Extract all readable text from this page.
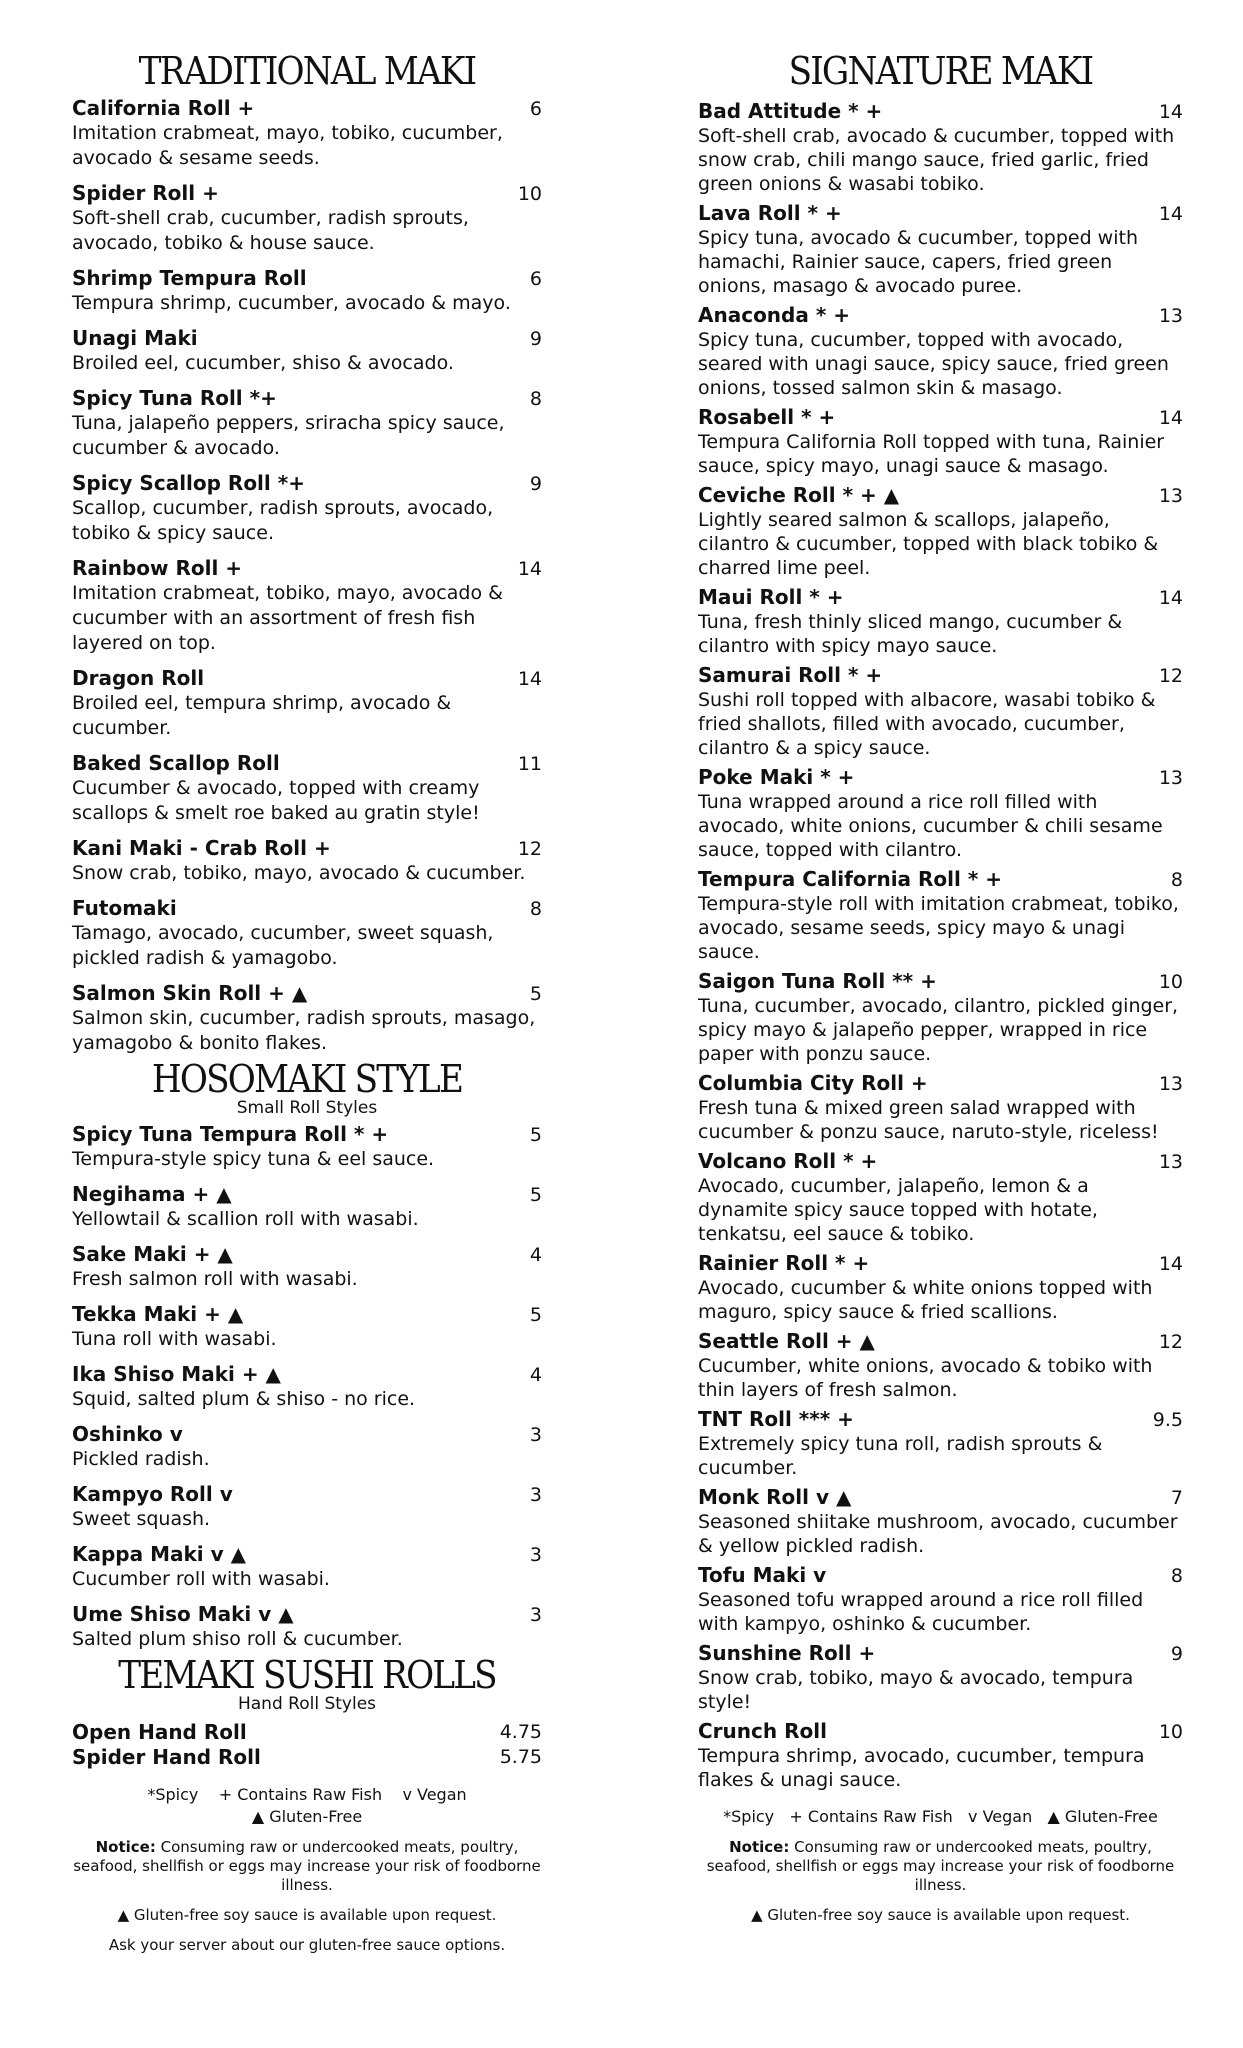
TRADITIONAL MAKI
California Roll +	6
Imitation crabmeat, mayo, tobiko, cucumber, avocado & sesame seeds.
Spider Roll +	10
Soft-shell crab, cucumber, radish sprouts, avocado, tobiko & house sauce.
Shrimp Tempura Roll	6
Tempura shrimp, cucumber, avocado & mayo.
Unagi Maki	9
Broiled eel, cucumber, shiso & avocado.
Spicy Tuna Roll *+	8
Tuna, jalapeño peppers, sriracha spicy sauce, cucumber & avocado.
Spicy Scallop Roll *+	9
Scallop, cucumber, radish sprouts, avocado, tobiko & spicy sauce.
Rainbow Roll +	14
Imitation crabmeat, tobiko, mayo, avocado & cucumber with an assortment of fresh fish layered on top.
Dragon Roll	14
Broiled eel, tempura shrimp, avocado & cucumber.
Baked Scallop Roll	11
Cucumber & avocado, topped with creamy scallops & smelt roe baked au gratin style!
Kani Maki - Crab Roll +	12
Snow crab, tobiko, mayo, avocado & cucumber.
Futomaki	8
Tamago, avocado, cucumber, sweet squash, pickled radish & yamagobo.
Salmon Skin Roll + ▲	5
Salmon skin, cucumber, radish sprouts, masago, yamagobo & bonito flakes.
HOSOMAKI STYLE
Small Roll Styles
Spicy Tuna Tempura Roll * +	5
Tempura-style spicy tuna & eel sauce.
Negihama + ▲	5
Yellowtail & scallion roll with wasabi.
Sake Maki + ▲	4
Fresh salmon roll with wasabi.
Tekka Maki + ▲	5
Tuna roll with wasabi.
Ika Shiso Maki + ▲	4
Squid, salted plum & shiso - no rice.
Oshinko v	3
Pickled radish.
Kampyo Roll v	3
Sweet squash.
Kappa Maki v ▲	3
Cucumber roll with wasabi.
Ume Shiso Maki v ▲	3
Salted plum shiso roll & cucumber.
TEMAKI SUSHI ROLLS
Hand Roll Styles
Open Hand Roll	4.75
Spider Hand Roll	5.75
*Spicy    + Contains Raw Fish    v Vegan
▲ Gluten-Free
Notice: Consuming raw or undercooked meats, poultry, seafood, shellfish or eggs may increase your risk of foodborne illness.
▲ Gluten-free soy sauce is available upon request.
Ask your server about our gluten-free sauce options.
SIGNATURE MAKI
Bad Attitude * +	14
Soft-shell crab, avocado & cucumber, topped with snow crab, chili mango sauce, fried garlic, fried green onions & wasabi tobiko.
Lava Roll * +	14
Spicy tuna, avocado & cucumber, topped with hamachi, Rainier sauce, capers, fried green onions, masago & avocado puree.
Anaconda * +	13
Spicy tuna, cucumber, topped with avocado, seared with unagi sauce, spicy sauce, fried green onions, tossed salmon skin & masago.
Rosabell * +	14
Tempura California Roll topped with tuna, Rainier sauce, spicy mayo, unagi sauce & masago.
Ceviche Roll * + ▲	13
Lightly seared salmon & scallops, jalapeño, cilantro & cucumber, topped with black tobiko & charred lime peel.
Maui Roll * +	14
Tuna, fresh thinly sliced mango, cucumber & cilantro with spicy mayo sauce.
Samurai Roll * +	12
Sushi roll topped with albacore, wasabi tobiko & fried shallots, filled with avocado, cucumber, cilantro & a spicy sauce.
Poke Maki * +	13
Tuna wrapped around a rice roll filled with avocado, white onions, cucumber & chili sesame sauce, topped with cilantro.
Tempura California Roll * +	8
Tempura-style roll with imitation crabmeat, tobiko, avocado, sesame seeds, spicy mayo & unagi sauce.
Saigon Tuna Roll ** +	10
Tuna, cucumber, avocado, cilantro, pickled ginger, spicy mayo & jalapeño pepper, wrapped in rice paper with ponzu sauce.
Columbia City Roll +	13
Fresh tuna & mixed green salad wrapped with cucumber & ponzu sauce, naruto-style, riceless!
Volcano Roll * +	13
Avocado, cucumber, jalapeño, lemon & a dynamite spicy sauce topped with hotate, tenkatsu, eel sauce & tobiko.
Rainier Roll * +	14
Avocado, cucumber & white onions topped with maguro, spicy sauce & fried scallions.
Seattle Roll + ▲	12
Cucumber, white onions, avocado & tobiko with thin layers of fresh salmon.
TNT Roll *** +	9.5
Extremely spicy tuna roll, radish sprouts & cucumber.
Monk Roll v ▲	7
Seasoned shiitake mushroom, avocado, cucumber & yellow pickled radish.
Tofu Maki v	8
Seasoned tofu wrapped around a rice roll filled with kampyo, oshinko & cucumber.
Sunshine Roll +	9
Snow crab, tobiko, mayo & avocado, tempura style!
Crunch Roll	10
Tempura shrimp, avocado, cucumber, tempura flakes & unagi sauce.
*Spicy   + Contains Raw Fish   v Vegan   ▲ Gluten-Free
Notice: Consuming raw or undercooked meats, poultry, seafood, shellfish or eggs may increase your risk of foodborne illness.
▲ Gluten-free soy sauce is available upon request.
